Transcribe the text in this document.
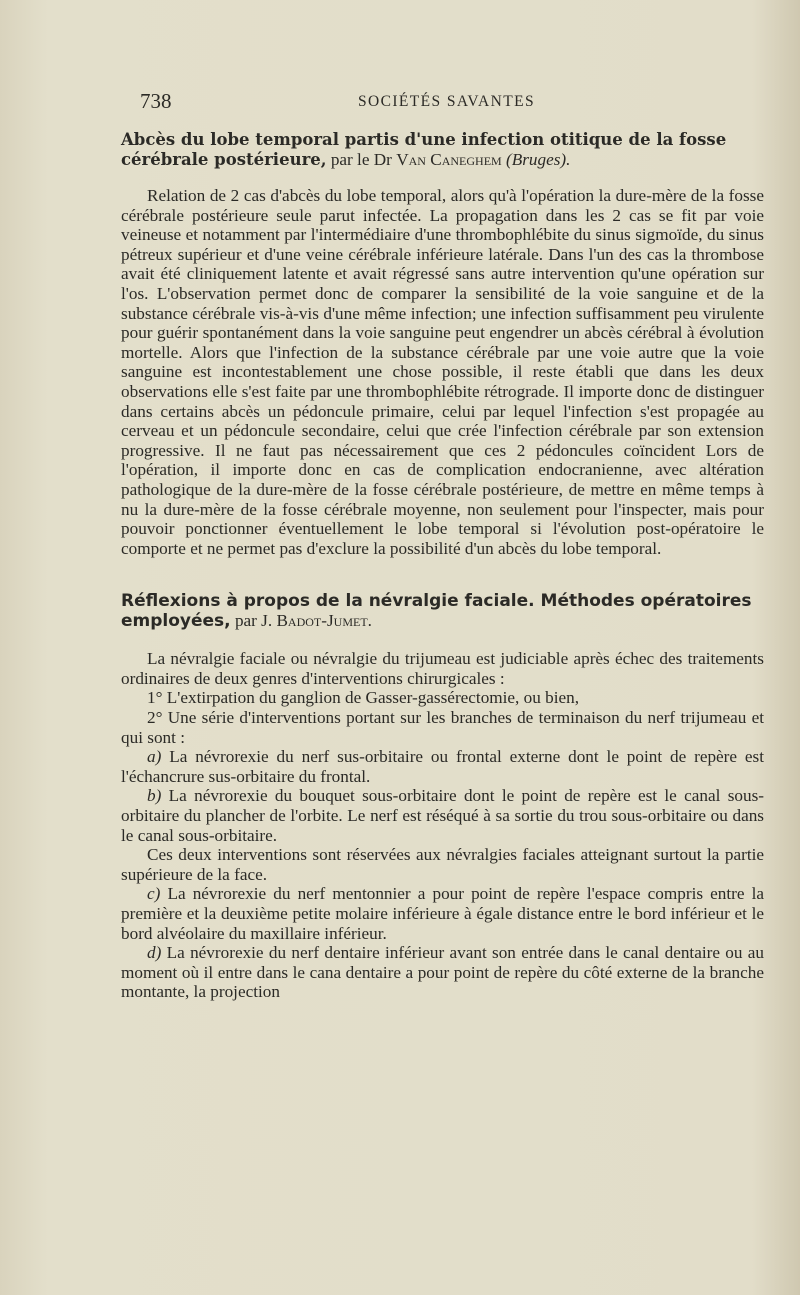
738	SOCIÉTÉS SAVANTES

Abcès du lobe temporal partis d'une infection otitique de la fosse cérébrale postérieure, par le Dr Van Caneghem (Bruges).

Relation de 2 cas d'abcès du lobe temporal, alors qu'à l'opération la dure-mère de la fosse cérébrale postérieure seule parut infectée. La propagation dans les 2 cas se fit par voie veineuse et notamment par l'intermédiaire d'une thrombophlébite du sinus sigmoïde, du sinus pétreux supérieur et d'une veine cérébrale inférieure latérale. Dans l'un des cas la thrombose avait été cliniquement latente et avait régressé sans autre intervention qu'une opération sur l'os. L'observation permet donc de comparer la sensibilité de la voie sanguine et de la substance cérébrale vis-à-vis d'une même infection; une infection suffisamment peu virulente pour guérir spontanément dans la voie sanguine peut engendrer un abcès cérébral à évolution mortelle. Alors que l'infection de la substance cérébrale par une voie autre que la voie sanguine est incontestablement une chose possible, il reste établi que dans les deux observations elle s'est faite par une thrombophlébite rétrograde. Il importe donc de distinguer dans certains abcès un pédoncule primaire, celui par lequel l'infection s'est propagée au cerveau et un pédoncule secondaire, celui que crée l'infection cérébrale par son extension progressive. Il ne faut pas nécessairement que ces 2 pédoncules coïncident Lors de l'opération, il importe donc en cas de complication endocranienne, avec altération pathologique de la dure-mère de la fosse cérébrale postérieure, de mettre en même temps à nu la dure-mère de la fosse cérébrale moyenne, non seulement pour l'inspecter, mais pour pouvoir ponctionner éventuellement le lobe temporal si l'évolution post-opératoire le comporte et ne permet pas d'exclure la possibilité d'un abcès du lobe temporal.

Réflexions à propos de la névralgie faciale. Méthodes opératoires employées, par J. Badot-Jumet.

La névralgie faciale ou névralgie du trijumeau est judiciable après échec des traitements ordinaires de deux genres d'interventions chirurgicales :

1° L'extirpation du ganglion de Gasser-gassérectomie, ou bien,

2° Une série d'interventions portant sur les branches de terminaison du nerf trijumeau et qui sont :

a) La névrorexie du nerf sus-orbitaire ou frontal externe dont le point de repère est l'échancrure sus-orbitaire du frontal.

b) La névrorexie du bouquet sous-orbitaire dont le point de repère est le canal sous-orbitaire du plancher de l'orbite. Le nerf est réséqué à sa sortie du trou sous-orbitaire ou dans le canal sous-orbitaire.

Ces deux interventions sont réservées aux névralgies faciales atteignant surtout la partie supérieure de la face.

c) La névrorexie du nerf mentonnier a pour point de repère l'espace compris entre la première et la deuxième petite molaire inférieure à égale distance entre le bord inférieur et le bord alvéolaire du maxillaire inférieur.

d) La névrorexie du nerf dentaire inférieur avant son entrée dans le canal dentaire ou au moment où il entre dans le cana dentaire a pour point de repère du côté externe de la branche montante, la projection
